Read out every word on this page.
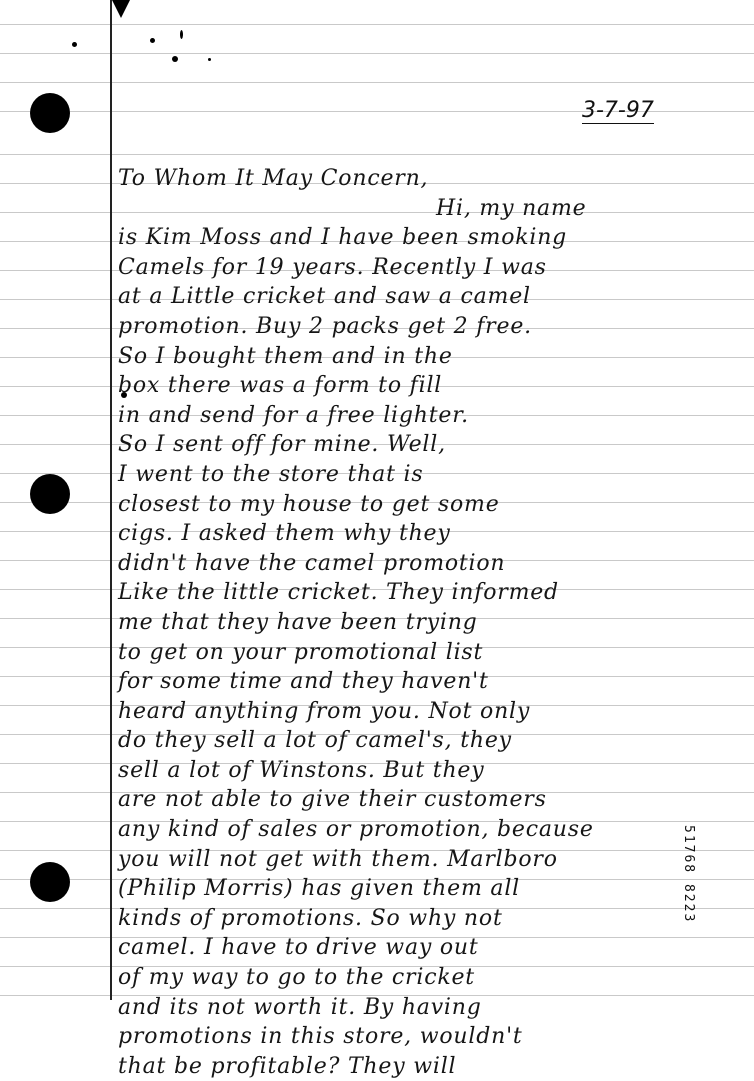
3-7-97
To Whom It May Concern,
Hi, my name
is Kim Moss and I have been smoking
Camels for 19 years. Recently I was
at a Little cricket and saw a camel
promotion. Buy 2 packs get 2 free.
So I bought them and in the
box there was a form to fill
in and send for a free lighter.
So I sent off for mine. Well,
I went to the store that is
closest to my house to get some
cigs. I asked them why they
didn't have the camel promotion
Like the little cricket. They informed
me that they have been trying
to get on your promotional list
for some time and they haven't
heard anything from you. Not only
do they sell a lot of camel's, they
sell a lot of Winstons. But they
are not able to give their customers
any kind of sales or promotion, because
you will not get with them. Marlboro
(Philip Morris) has given them all
kinds of promotions. So why not
camel. I have to drive way out
of my way to go to the cricket
and its not worth it. By having
promotions in this store, wouldn't
that be profitable? They will
51768 8223
